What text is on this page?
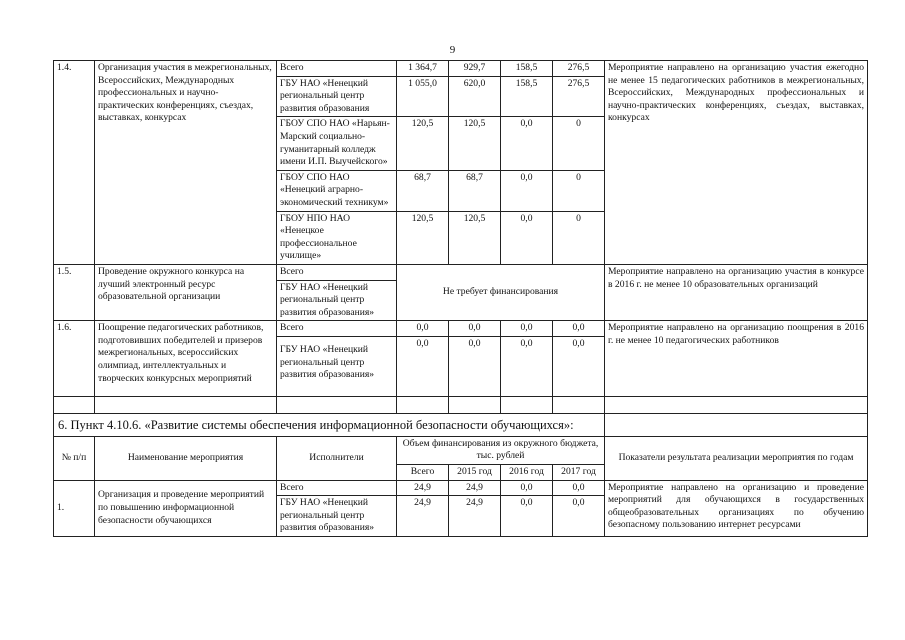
9
1.4.	Организация участия в межрегиональных, Всероссийских, Международных профессиональных и научно-практических конференциях, съездах, выставках, конкурсах	Всего	1 364,7	929,7	158,5	276,5	Мероприятие направлено на организацию участия ежегодно не менее 15 педагогических работников в межрегиональных, Всероссийских, Международных профессиональных и научно-практических конференциях, съездах, выставках, конкурсах
		ГБУ НАО «Ненецкий региональный центр развития образования	1 055,0	620,0	158,5	276,5	
		ГБОУ СПО НАО «Нарьян-Марский социально-гуманитарный колледж имени И.П. Выучейского»	120,5	120,5	0,0	0	
		ГБОУ СПО НАО «Ненецкий аграрно-экономический техникум»	68,7	68,7	0,0	0	
		ГБОУ НПО НАО «Ненецкое профессиональное училище»	120,5	120,5	0,0	0	
1.5.	Проведение окружного конкурса на лучший электронный ресурс образовательной организации	Всего	Не требует финансирования				Мероприятие направлено на организацию участия в конкурсе в 2016 г. не менее 10 образовательных организаций
		ГБУ НАО «Ненецкий региональный центр развития образования»					
1.6.	Поощрение педагогических работников, подготовивших победителей и призеров межрегиональных, всероссийских олимпиад, интеллектуальных и творческих конкурсных мероприятий	Всего	0,0	0,0	0,0	0,0	Мероприятие направлено на организацию поощрения в 2016 г. не менее 10 педагогических работников
		ГБУ НАО «Ненецкий региональный центр развития образования»	0,0	0,0	0,0	0,0	

6. Пункт 4.10.6. «Развитие системы обеспечения информационной безопасности обучающихся»:							
№ п/п	Наименование мероприятия	Исполнители	Объем финансирования из окружного бюджета, тыс. рублей				Показатели результата реализации мероприятия по годам
			Всего	2015 год	2016 год	2017 год	
1.	Организация и проведение мероприятий по повышению информационной безопасности обучающихся	Всего	24,9	24,9	0,0	0,0	Мероприятие направлено на организацию и проведение мероприятий для обучающихся в государственных общеобразовательных организациях по обучению безопасному пользованию интернет ресурсами
		ГБУ НАО «Ненецкий региональный центр развития образования»	24,9	24,9	0,0	0,0	
